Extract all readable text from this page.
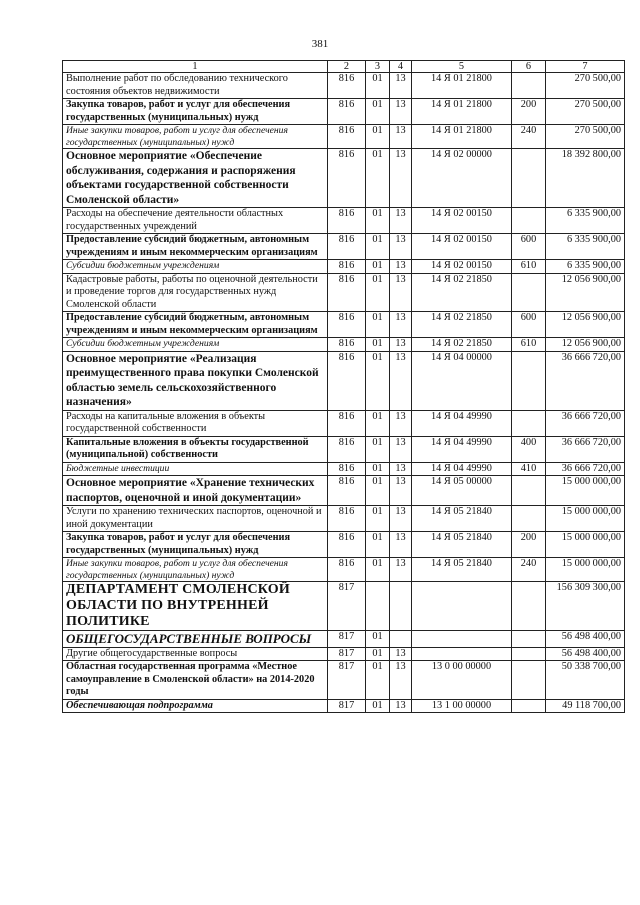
381
1	2	3	4	5	6	7
Выполнение работ по обследованию технического состояния объектов недвижимости	816	01	13	14 Я 01 21800		270 500,00
Закупка товаров, работ и услуг для обеспечения государственных (муниципальных) нужд	816	01	13	14 Я 01 21800	200	270 500,00
Иные закупки товаров, работ и услуг для обеспечения государственных (муниципальных) нужд	816	01	13	14 Я 01 21800	240	270 500,00
Основное мероприятие «Обеспечение обслуживания, содержания и распоряжения объектами государственной собственности Смоленской области»	816	01	13	14 Я 02 00000		18 392 800,00
Расходы на обеспечение деятельности областных государственных учреждений	816	01	13	14 Я 02 00150		6 335 900,00
Предоставление субсидий бюджетным, автономным учреждениям и иным некоммерческим организациям	816	01	13	14 Я 02 00150	600	6 335 900,00
Субсидии бюджетным учреждениям	816	01	13	14 Я 02 00150	610	6 335 900,00
Кадастровые работы, работы по оценочной деятельности и проведение торгов для государственных нужд Смоленской области	816	01	13	14 Я 02 21850		12 056 900,00
Предоставление субсидий бюджетным, автономным учреждениям и иным некоммерческим организациям	816	01	13	14 Я 02 21850	600	12 056 900,00
Субсидии бюджетным учреждениям	816	01	13	14 Я 02 21850	610	12 056 900,00
Основное мероприятие «Реализация преимущественного права покупки Смоленской областью земель сельскохозяйственного назначения»	816	01	13	14 Я 04 00000		36 666 720,00
Расходы на капитальные вложения в объекты государственной собственности	816	01	13	14 Я 04 49990		36 666 720,00
Капитальные вложения в объекты государственной (муниципальной) собственности	816	01	13	14 Я 04 49990	400	36 666 720,00
Бюджетные инвестиции	816	01	13	14 Я 04 49990	410	36 666 720,00
Основное мероприятие «Хранение технических паспортов, оценочной и иной документации»	816	01	13	14 Я 05 00000		15 000 000,00
Услуги по хранению технических паспортов, оценочной и иной документации	816	01	13	14 Я 05 21840		15 000 000,00
Закупка товаров, работ и услуг для обеспечения государственных (муниципальных) нужд	816	01	13	14 Я 05 21840	200	15 000 000,00
Иные закупки товаров, работ и услуг для обеспечения государственных (муниципальных) нужд	816	01	13	14 Я 05 21840	240	15 000 000,00
ДЕПАРТАМЕНТ СМОЛЕНСКОЙ ОБЛАСТИ ПО ВНУТРЕННЕЙ ПОЛИТИКЕ	817					156 309 300,00
ОБЩЕГОСУДАРСТВЕННЫЕ ВОПРОСЫ	817	01				56 498 400,00
Другие общегосударственные вопросы	817	01	13			56 498 400,00
Областная государственная программа «Местное самоуправление в Смоленской области» на 2014-2020 годы	817	01	13	13 0 00 00000		50 338 700,00
Обеспечивающая подпрограмма	817	01	13	13 1 00 00000		49 118 700,00
